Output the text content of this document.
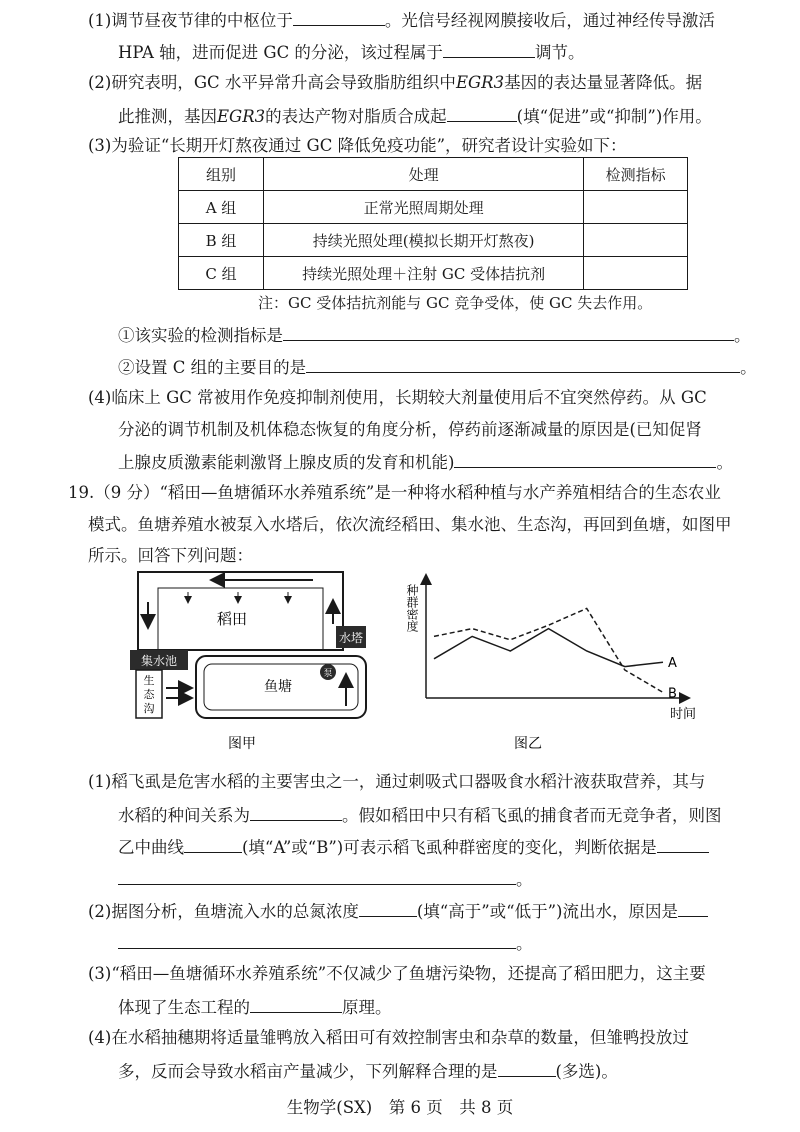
(1)调节昼夜节律的中枢位于	。光信号经视网膜接收后，通过神经传导激活
HPA 轴，进而促进 GC 的分泌，该过程属于	调节。
(2)研究表明，GC 水平异常升高会导致脂肪组织中EGR3基因的表达量显著降低。据
此推测，基因EGR3的表达产物对脂质合成起	(填“促进”或“抑制”)作用。
(3)为验证“长期开灯熬夜通过 GC 降低免疫功能”，研究者设计实验如下：
组别	处理	检测指标
A 组	正常光照周期处理	
B 组	持续光照处理(模拟长期开灯熬夜)	
C 组	持续光照处理＋注射 GC 受体拮抗剂	
注：GC 受体拮抗剂能与 GC 竞争受体，使 GC 失去作用。
①该实验的检测指标是	。
②设置 C 组的主要目的是	。
(4)临床上 GC 常被用作免疫抑制剂使用，长期较大剂量使用后不宜突然停药。从 GC
分泌的调节机制及机体稳态恢复的角度分析，停药前逐渐减量的原因是(已知促肾
上腺皮质激素能刺激肾上腺皮质的发育和机能)	。
19.（9 分）“稻田—鱼塘循环水养殖系统”是一种将水稻种植与水产养殖相结合的生态农业
模式。鱼塘养殖水被泵入水塔后，依次流经稻田、集水池、生态沟，再回到鱼塘，如图甲
所示。回答下列问题：
稻田
水塔
集水池
生
态
沟
鱼塘
泵
图甲
种群密度
时间
A
B
图乙
(1)稻飞虱是危害水稻的主要害虫之一，通过刺吸式口器吸食水稻汁液获取营养，其与
水稻的种间关系为	。假如稻田中只有稻飞虱的捕食者而无竞争者，则图
乙中曲线	(填“A”或“B”)可表示稻飞虱种群密度的变化，判断依据是
。
(2)据图分析，鱼塘流入水的总氮浓度	(填“高于”或“低于”)流出水，原因是
。
(3)“稻田—鱼塘循环水养殖系统”不仅减少了鱼塘污染物，还提高了稻田肥力，这主要
体现了生态工程的	原理。
(4)在水稻抽穗期将适量雏鸭放入稻田可有效控制害虫和杂草的数量，但雏鸭投放过
多，反而会导致水稻亩产量减少，下列解释合理的是	(多选)。
生物学(SX)　第 6 页　共 8 页
